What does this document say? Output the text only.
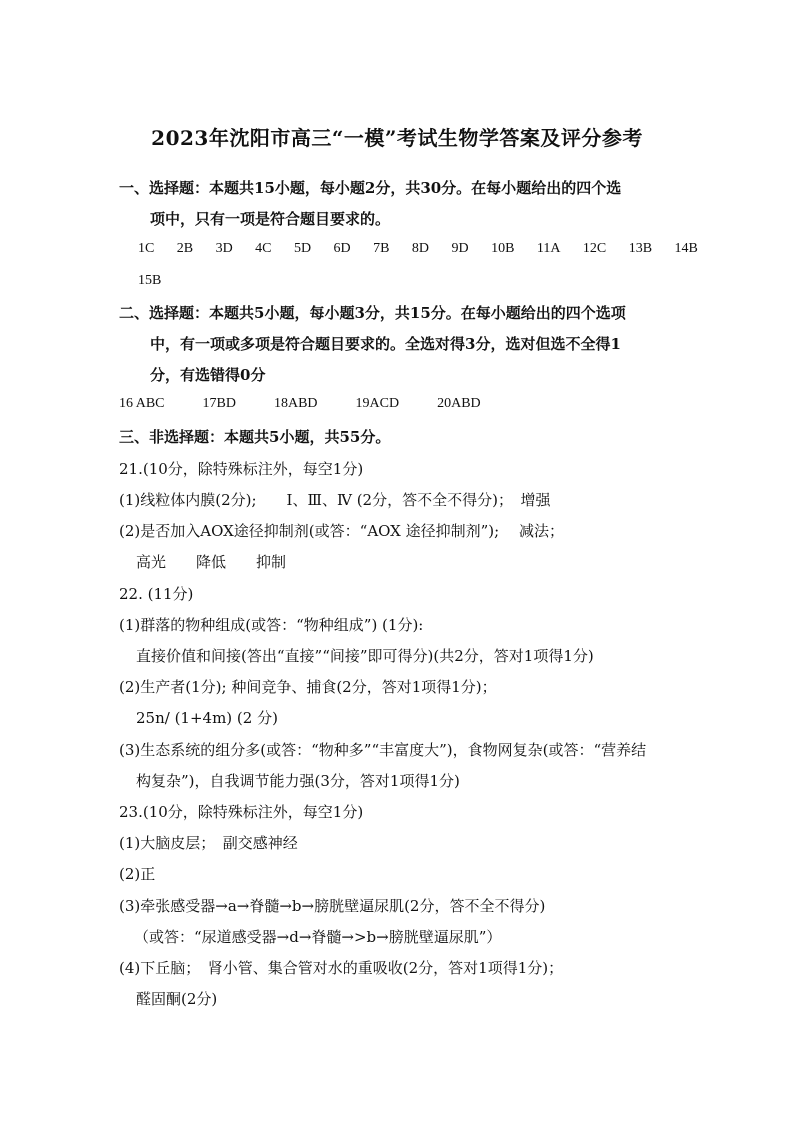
2023年沈阳市高三“一模”考试生物学答案及评分参考
一、选择题：本题共15小题，每小题2分，共30分。在每小题给出的四个选
项中，只有一项是符合题目要求的。
1C 2B 3D 4C 5D 6D 7B 8D 9D 10B 11A 12C 13B 14B
15B
二、选择题：本题共5小题，每小题3分，共15分。在每小题给出的四个选项
中，有一项或多项是符合题目要求的。全选对得3分，选对但选不全得1
分，有选错得0分
16 ABC	17BD	18ABD	19ACD	20ABD
三、非选择题：本题共5小题，共55分。
21.(10分，除特殊标注外，每空1分)
(1)线粒体内膜(2分);　　Ⅰ、Ⅲ、Ⅳ (2分，答不全不得分)；　增强
(2)是否加入AOX途径抑制剂(或答：“AOX 途径抑制剂”);　 减法；
高光　　降低　　抑制
22. (11分)
(1)群落的物种组成(或答：“物种组成”) (1分):
直接价值和间接(答出“直接”“间接”即可得分)(共2分，答对1项得1分)
(2)生产者(1分); 种间竞争、捕食(2分，答对1项得1分)；
25n/ (1+4m) (2 分)
(3)生态系统的组分多(或答：“物种多”“丰富度大”)，食物网复杂(或答：“营养结
构复杂”)，自我调节能力强(3分，答对1项得1分)
23.(10分，除特殊标注外，每空1分)
(1)大脑皮层；　副交感神经
(2)正
(3)牵张感受器→a→脊髓→b→膀胱壁逼尿肌(2分，答不全不得分)
（或答：“尿道感受器→d→脊髓→>b→膀胱壁逼尿肌”）
(4)下丘脑；　肾小管、集合管对水的重吸收(2分，答对1项得1分)；
醛固酮(2分)
